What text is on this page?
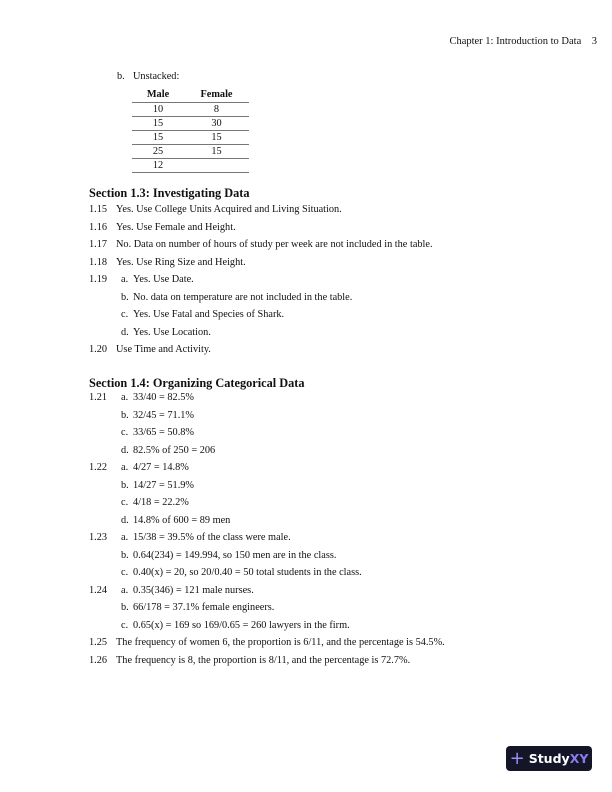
Chapter 1: Introduction to Data 3
b. Unstacked:
Male	Female
10	8
15	30
15	15
25	15
12
Section 1.3: Investigating Data
1.15 Yes. Use College Units Acquired and Living Situation.
1.16 Yes. Use Female and Height.
1.17 No. Data on number of hours of study per week are not included in the table.
1.18 Yes. Use Ring Size and Height.
1.19 a. Yes. Use Date.
b. No. data on temperature are not included in the table.
c. Yes. Use Fatal and Species of Shark.
d. Yes. Use Location.
1.20 Use Time and Activity.
Section 1.4: Organizing Categorical Data
1.21 a. 33/40 = 82.5%
b. 32/45 = 71.1%
c. 33/65 = 50.8%
d. 82.5% of 250 = 206
1.22 a. 4/27 = 14.8%
b. 14/27 = 51.9%
c. 4/18 = 22.2%
d. 14.8% of 600 = 89 men
1.23 a. 15/38 = 39.5% of the class were male.
b. 0.64(234) = 149.994, so 150 men are in the class.
c. 0.40(x) = 20, so 20/0.40 = 50 total students in the class.
1.24 a. 0.35(346) = 121 male nurses.
b. 66/178 = 37.1% female engineers.
c. 0.65(x) = 169 so 169/0.65 = 260 lawyers in the firm.
1.25 The frequency of women 6, the proportion is 6/11, and the percentage is 54.5%.
1.26 The frequency is 8, the proportion is 8/11, and the percentage is 72.7%.
+ StudyXY
